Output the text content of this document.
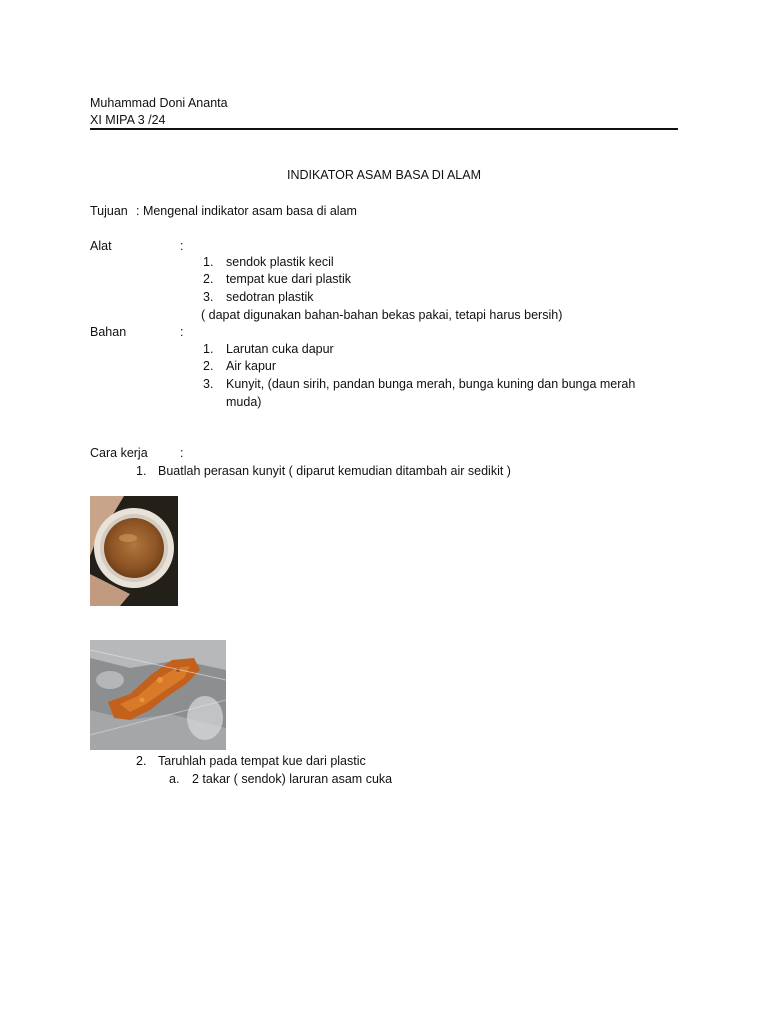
Muhammad Doni Ananta
XI MIPA 3 /24
INDIKATOR ASAM BASA DI ALAM
Tujuan : Mengenal indikator asam basa di alam
Alat	:
1. sendok plastik kecil
2. tempat kue dari plastik
3. sedotran plastik
( dapat digunakan bahan-bahan bekas pakai, tetapi harus bersih)
Bahan	:
1. Larutan cuka dapur
2. Air kapur
3. Kunyit, (daun sirih, pandan bunga merah, bunga kuning dan bunga merah
muda)
Cara kerja	:
1. Buatlah perasan kunyit ( diparut kemudian ditambah air sedikit )
2. Taruhlah pada tempat kue dari plastic
a. 2 takar ( sendok) laruran asam cuka
